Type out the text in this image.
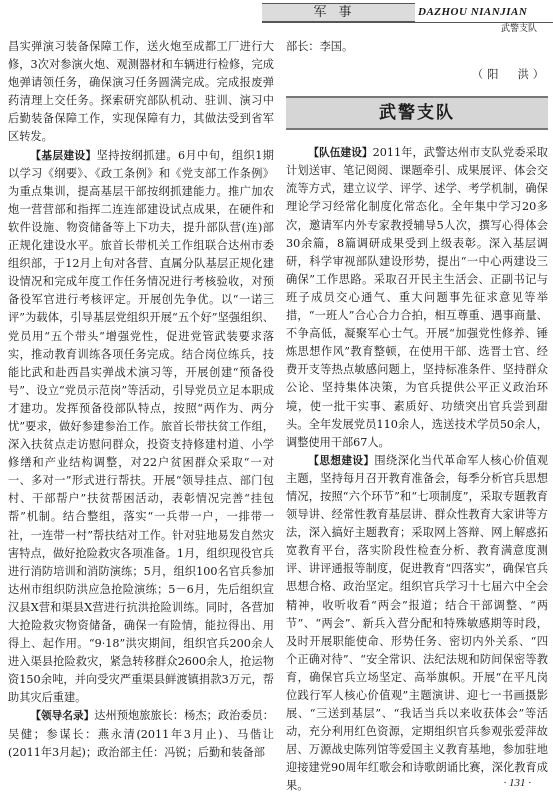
军事	DAZHOU NIANJIAN
武警支队

昌实弹演习装备保障工作，送火炮至成都工厂进行大修，3次对参演火炮、观测器材和车辆进行检修，完成炮弹请领任务，确保演习任务圆满完成。完成报废弹药清理上交任务。探索研究部队机动、驻训、演习中后勤装备保障工作，实现保障有力，其做法受到省军区转发。

【基层建设】坚持按纲抓建。6月中旬，组织1期以学习《纲要》、《政工条例》和《党支部工作条例》为重点集训，提高基层干部按纲抓建能力。推广加农炮一营营部和指挥二连连部建设试点成果，在硬件和软件设施、物资储备等上下功夫，提升部队营(连)部正规化建设水平。旅首长带机关工作组联合达州市委组织部，于12月上旬对各营、直属分队基层正规化建设情况和完成年度工作任务情况进行考核验收，对预备役军官进行考核评定。开展创先争优。以“一诺三评”为载体，引导基层党组织开展“五个好”坚强组织、党员用“五个带头”增强党性，促进党管武装要求落实，推动教育训练各项任务完成。结合岗位练兵，技能比武和赴西昌实弹战术演习等，开展创建“预备役号”、设立“党员示范岗”等活动，引导党员立足本职成才建功。发挥预备役部队特点，按照“两作为、两分忧”要求，做好参建参治工作。旅首长带扶贫工作组，深入扶贫点走访慰问群众，投资支持修建村道、小学修缮和产业结构调整，对22户贫困群众采取“一对一、多对一”形式进行帮扶。开展“领导挂点、部门包村、干部帮户”扶贫帮困活动，表彰情况完善“挂包帮”机制。结合整组，落实“一兵带一户，一排带一社，一连带一村”帮扶结对工作。针对驻地易发自然灾害特点，做好抢险救灾各项准备。1月，组织现役官兵进行消防培训和消防演练；5月，组织100名官兵参加达州市组织防洪应急抢险演练；5－6月，先后组织宣汉县X营和渠县X营进行抗洪抢险训练。同时，各营加大抢险救灾物资储备，确保一有险情，能拉得出、用得上、起作用。“9·18”洪灾期间，组织官兵200余人进入渠县抢险救灾，紧急转移群众2600余人，抢运物资150余吨，并向受灾严重渠县鲜渡镇捐款3万元，帮助其灾后重建。

【领导名录】达州预炮旅旅长：杨杰；政治委员：吴健；参谋长：燕永清(2011年3月止)、马偕让(2011年3月起)；政治部主任：冯锐；后勤和装备部

部长：李国。

（阳　洪）

武警支队

【队伍建设】2011年，武警达州市支队党委采取计划送审、笔记阅阅、课题牵引、成果展评、体会交流等方式，建立议学、评学、述学、考学机制，确保理论学习经常化制度化常态化。全年集中学习20多次，邀请军内外专家教授辅导5人次，撰写心得体会30余篇，8篇调研成果受到上级表彰。深入基层调研，科学审视部队建设形势，提出“一中心两建设三确保”工作思路。采取召开民主生活会、正副书记与班子成员交心通气、重大问题事先征求意见等举措，“一班人”合心合力合拍，相互尊重、遇事商量、不争高低，凝聚军心士气。开展“加强党性修养、锤炼思想作风”教育整顿，在使用干部、选晋士官、经费开支等热点敏感问题上，坚持标准条件、坚持群众公论、坚持集体决策，为官兵提供公平正义政治环境，使一批干实事、素质好、功绩突出官兵尝到甜头。全年发展党员110余人，选送技术学员50余人，调整使用干部67人。

【思想建设】围绕深化当代革命军人核心价值观主题，坚持每月召开教育准备会，每季分析官兵思想情况，按照“六个环节”和“七项制度”，采取专题教育领导讲、经常性教育基层讲、群众性教育大家讲等方法，深入搞好主题教育；采取网上答辩、网上解惑拓宽教育平台，落实阶段性检查分析、教育满意度测评、讲评通报等制度，促进教育“四落实”，确保官兵思想合格、政治坚定。组织官兵学习十七届六中全会精神，收听收看“两会”报道；结合干部调整、“两节”、“两会”、新兵入营分配和特殊敏感期等时段，及时开展职能使命、形势任务、密切内外关系、“四个正确对待”、“安全常识、法纪法规和防间保密等教育，确保官兵立场坚定、高举旗帜。开展“在平凡岗位践行军人核心价值观”主题演讲、迎七一书画摄影展、“三送到基层”、“我话当兵以来收获体会”等活动，充分利用红色资源，定期组织官兵参观张爱萍故居、万源战史陈列馆等爱国主义教育基地，参加驻地迎接建党90周年红歌会和诗歌朗诵比赛，深化教育成果。	· 131 ·
